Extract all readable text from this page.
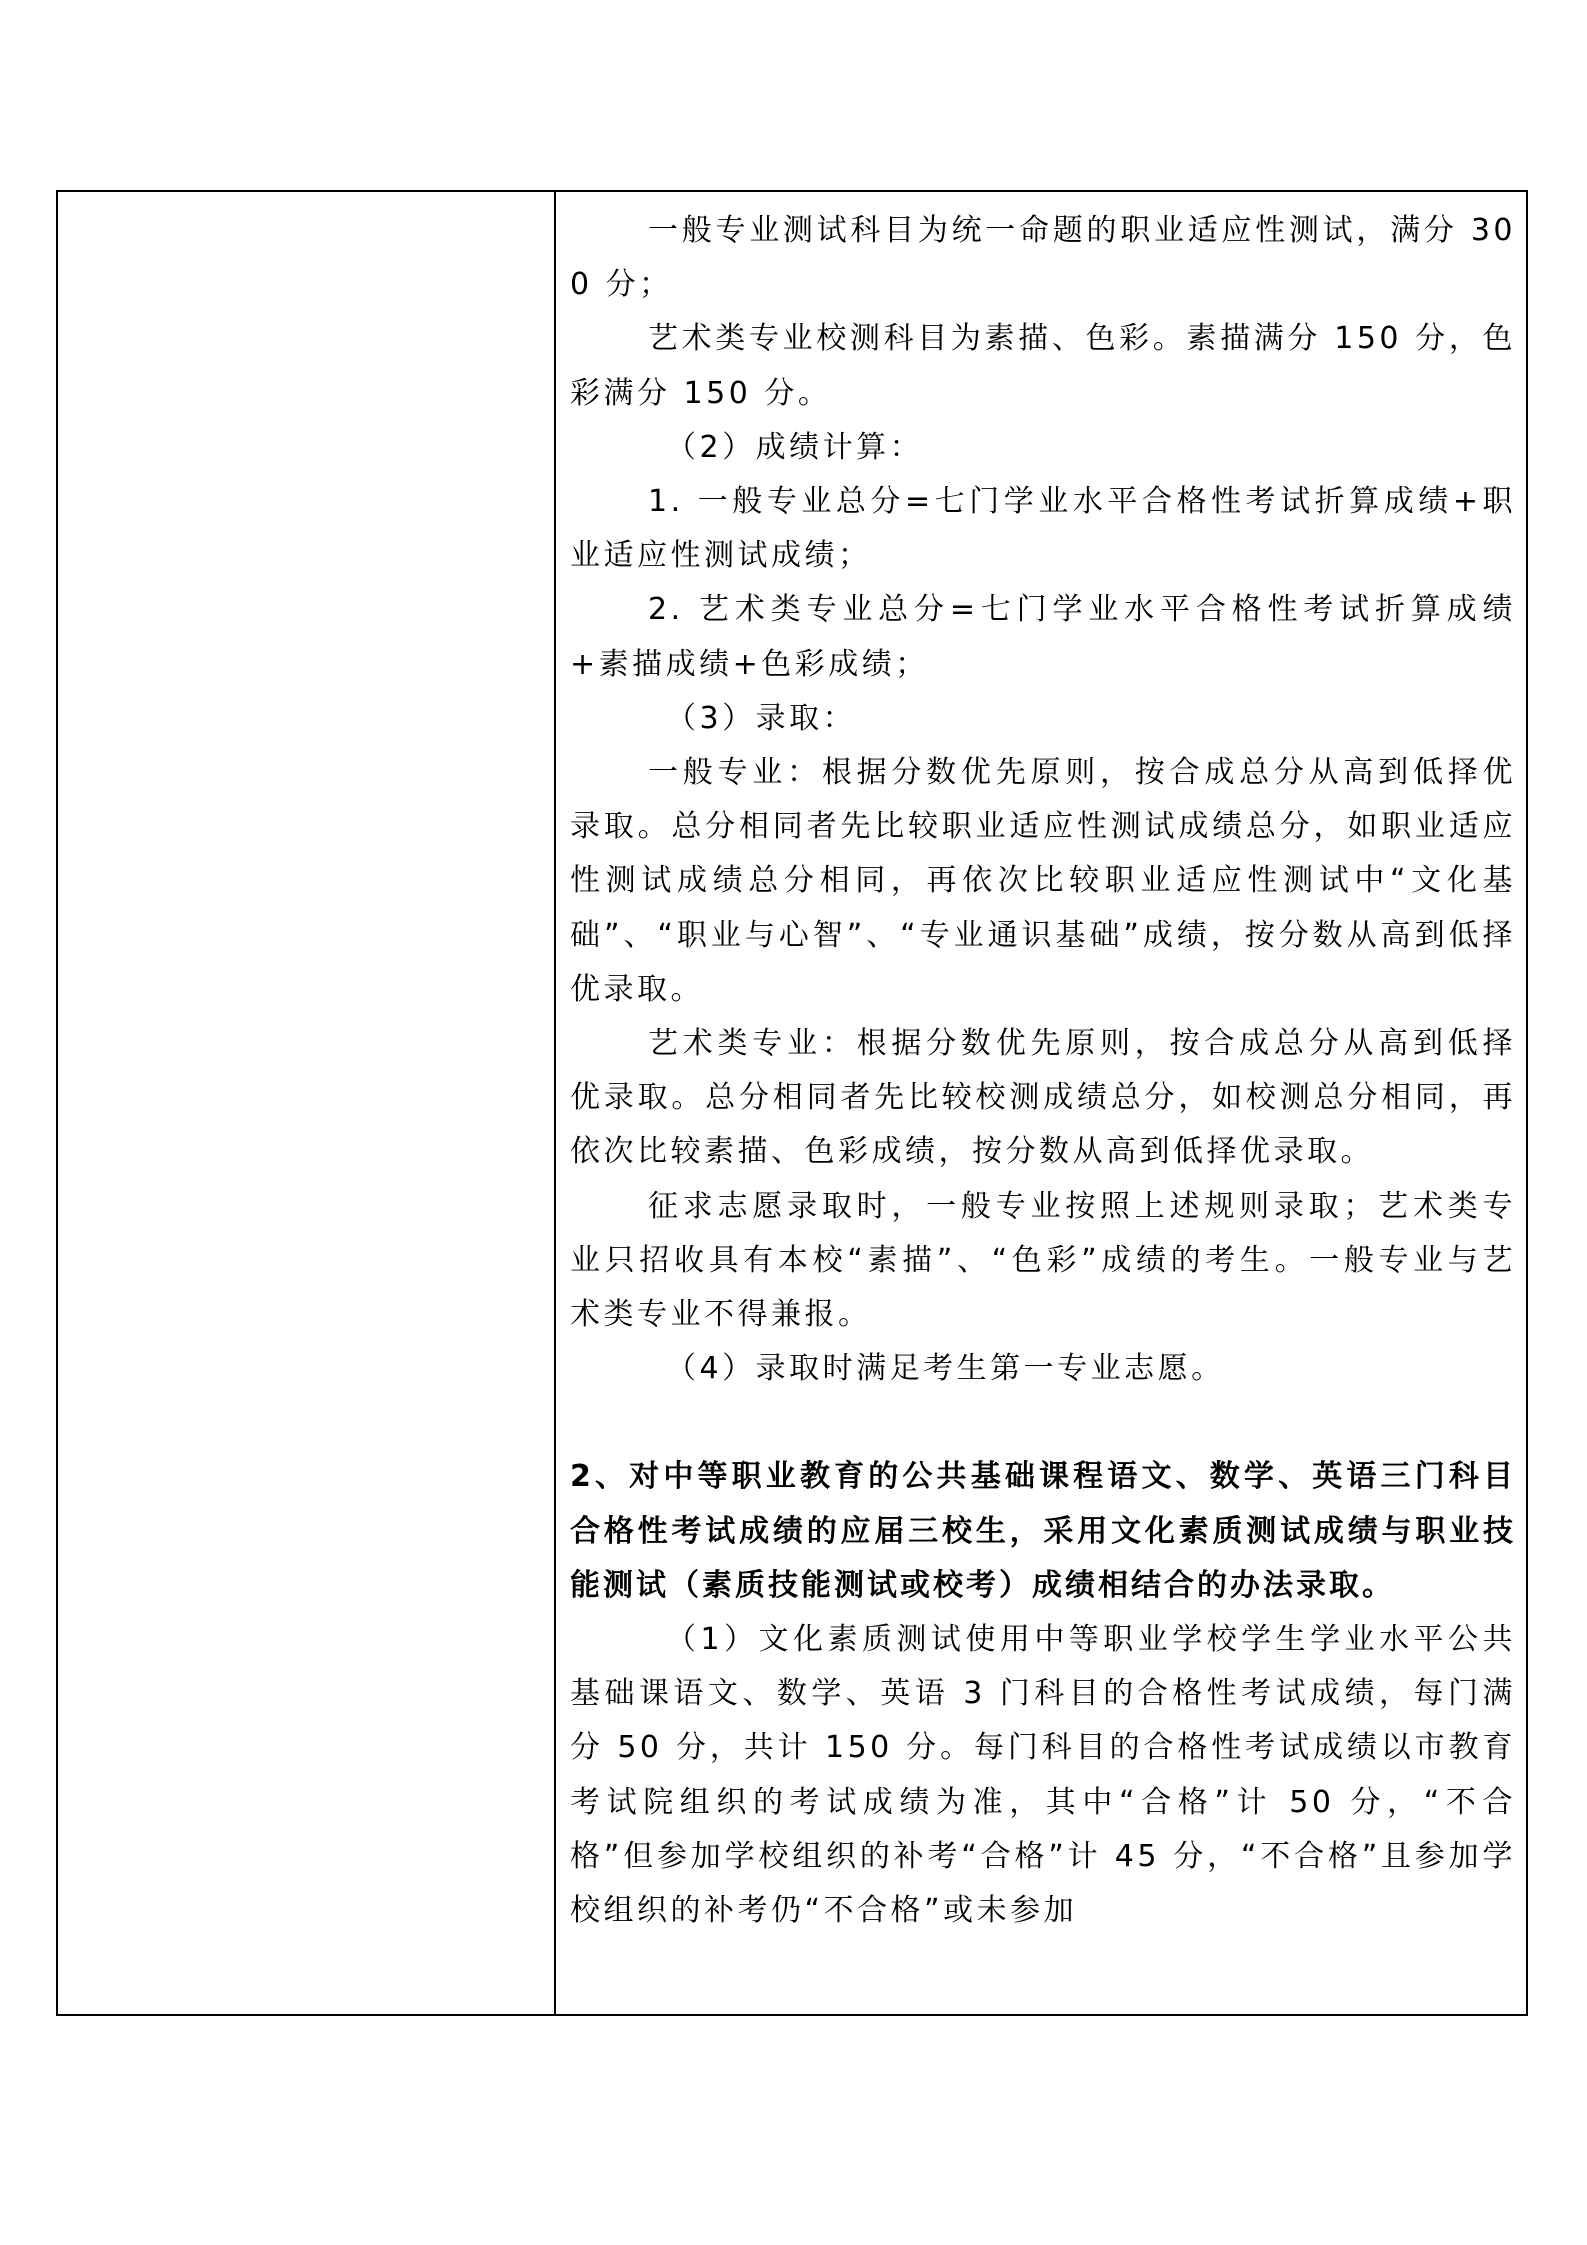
一般专业测试科目为统一命题的职业适应性测试，满分 300 分；

艺术类专业校测科目为素描、色彩。素描满分 150 分，色彩满分 150 分。

（2）成绩计算：

1. 一般专业总分=七门学业水平合格性考试折算成绩+职业适应性测试成绩；

2. 艺术类专业总分=七门学业水平合格性考试折算成绩+素描成绩+色彩成绩；

（3）录取：

一般专业：根据分数优先原则，按合成总分从高到低择优录取。总分相同者先比较职业适应性测试成绩总分，如职业适应性测试成绩总分相同，再依次比较职业适应性测试中“文化基础”、“职业与心智”、“专业通识基础”成绩，按分数从高到低择优录取。

艺术类专业：根据分数优先原则，按合成总分从高到低择优录取。总分相同者先比较校测成绩总分，如校测总分相同，再依次比较素描、色彩成绩，按分数从高到低择优录取。

征求志愿录取时，一般专业按照上述规则录取；艺术类专业只招收具有本校“素描”、“色彩”成绩的考生。一般专业与艺术类专业不得兼报。

（4）录取时满足考生第一专业志愿。

2、对中等职业教育的公共基础课程语文、数学、英语三门科目合格性考试成绩的应届三校生，采用文化素质测试成绩与职业技能测试（素质技能测试或校考）成绩相结合的办法录取。

（1）文化素质测试使用中等职业学校学生学业水平公共基础课语文、数学、英语 3 门科目的合格性考试成绩，每门满分 50 分，共计 150 分。每门科目的合格性考试成绩以市教育考试院组织的考试成绩为准，其中“合格”计 50 分，“不合格”但参加学校组织的补考“合格”计 45 分，“不合格”且参加学校组织的补考仍“不合格”或未参加
